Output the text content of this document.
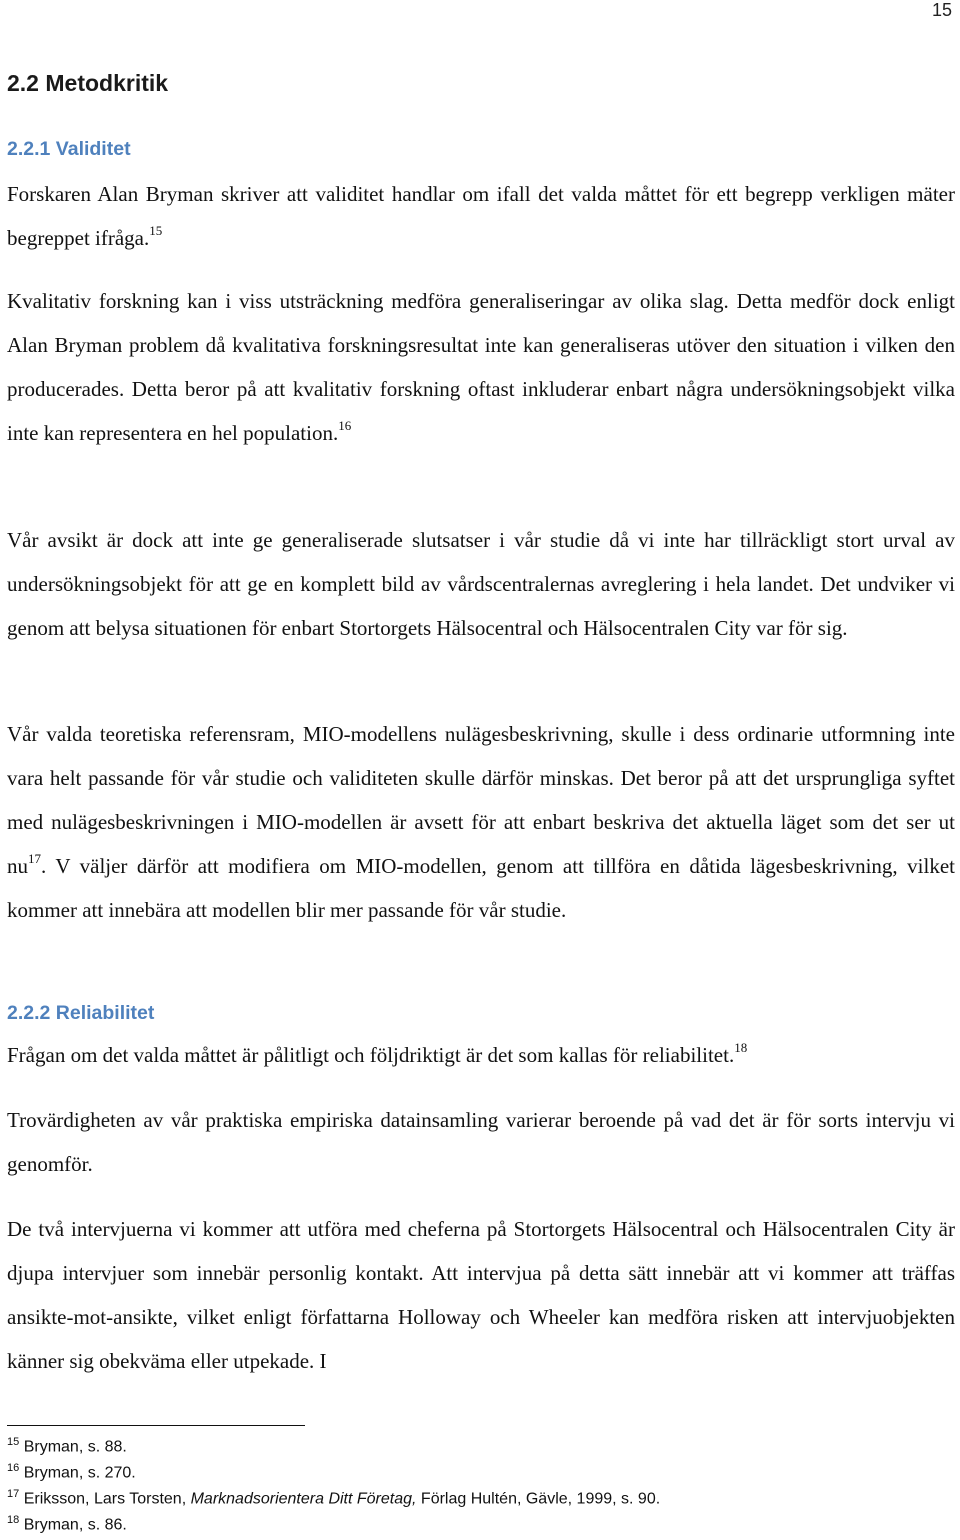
15
2.2 Metodkritik
2.2.1 Validitet

Forskaren Alan Bryman skriver att validitet handlar om ifall det valda måttet för ett begrepp verkligen mäter begreppet ifråga.$^{15}$

Kvalitativ forskning kan i viss utsträckning medföra generaliseringar av olika slag. Detta medför dock enligt Alan Bryman problem då kvalitativa forskningsresultat inte kan generaliseras utöver den situation i vilken den producerades. Detta beror på att kvalitativ forskning oftast inkluderar enbart några undersökningsobjekt vilka inte kan representera en hel population.$^{16}$

Vår avsikt är dock att inte ge generaliserade slutsatser i vår studie då vi inte har tillräckligt stort urval av undersökningsobjekt för att ge en komplett bild av vårdscentralernas avreglering i hela landet. Det undviker vi genom att belysa situationen för enbart Stortorgets Hälsocentral och Hälsocentralen City var för sig.

Vår valda teoretiska referensram, MIO-modellens nulägesbeskrivning, skulle i dess ordinarie utformning inte vara helt passande för vår studie och validiteten skulle därför minskas. Det beror på att det ursprungliga syftet med nulägesbeskrivningen i MIO-modellen är avsett för att enbart beskriva det aktuella läget som det ser ut $nu^{17}$. V väljer därför att modifiera om MIO-modellen, genom att tillföra en dåtida lägesbeskrivning, vilket kommer att innebära att modellen blir mer passande för vår studie.

2.2.2 Reliabilitet

Frågan om det valda måttet är pålitligt och följdriktigt är det som kallas för reliabilitet.$^{18}$

Trovärdigheten av vår praktiska empiriska datainsamling varierar beroende på vad det är för sorts intervju vi genomför.

De två intervjuerna vi kommer att utföra med cheferna på Stortorgets Hälsocentral och Hälsocentralen City är djupa intervjuer som innebär personlig kontakt. Att intervjua på detta sätt innebär att vi kommer att träffas ansikte-mot-ansikte, vilket enligt författarna Holloway och Wheeler kan medföra risken att intervjuobjekten känner sig obekväma eller utpekade. I

$^{15}$ Bryman, s. 88.
$^{16}$ Bryman, s. 270.
$^{17}$ Eriksson, Lars Torsten, Marknadsorientera Ditt Företag, Förlag Hultén, Gävle, 1999, s. 90.
$^{18}$ Bryman, s. 86.
